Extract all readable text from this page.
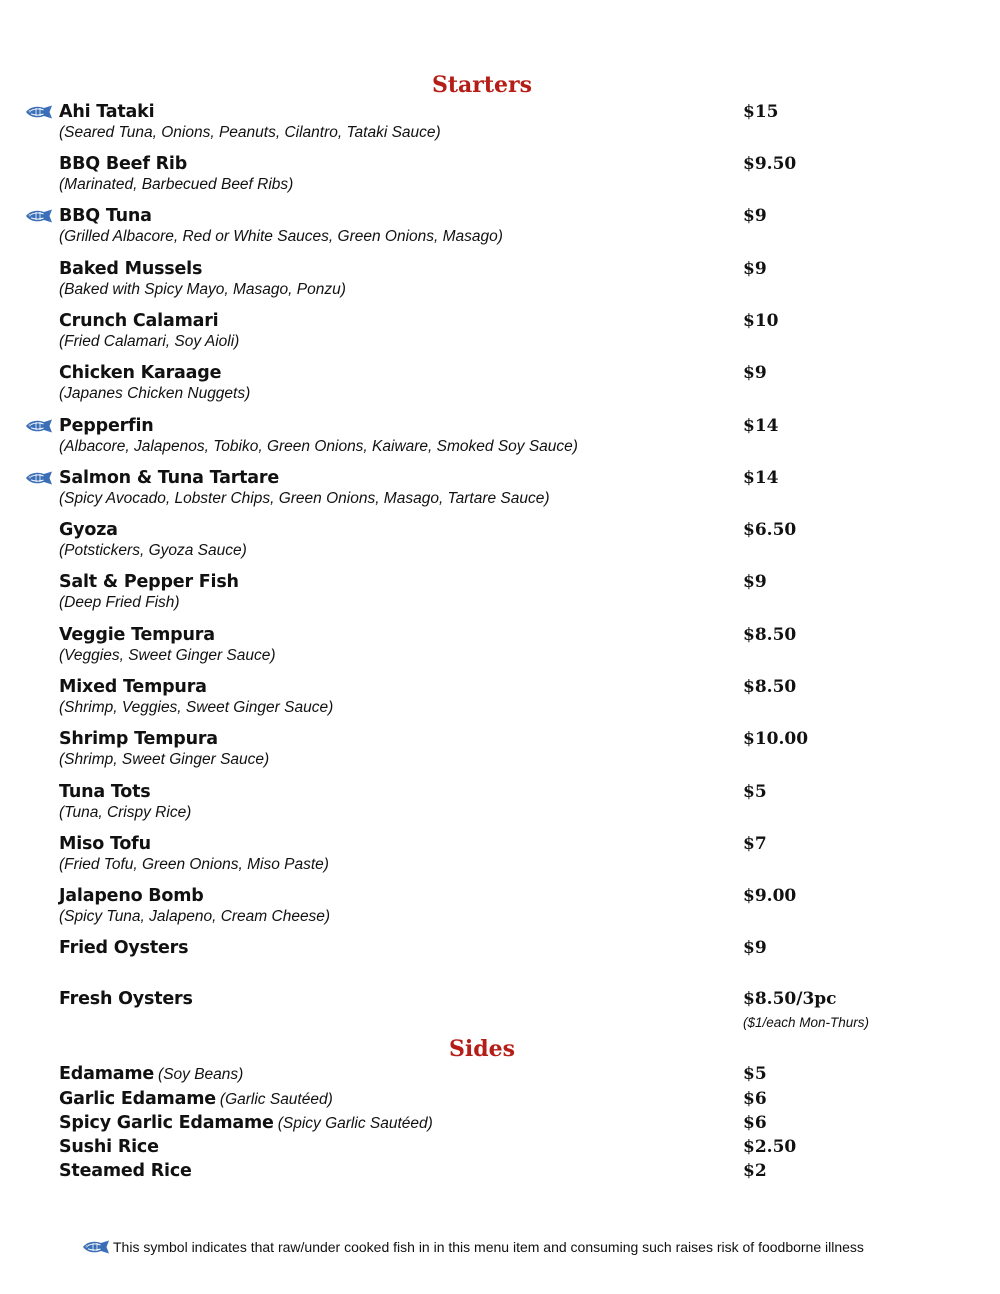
Starters
Ahi Tataki	$15
(Seared Tuna, Onions, Peanuts, Cilantro, Tataki Sauce)
BBQ Beef Rib	$9.50
(Marinated, Barbecued Beef Ribs)
BBQ Tuna	$9
(Grilled Albacore, Red or White Sauces, Green Onions, Masago)
Baked Mussels	$9
(Baked with Spicy Mayo, Masago, Ponzu)
Crunch Calamari	$10
(Fried Calamari, Soy Aioli)
Chicken Karaage	$9
(Japanes Chicken Nuggets)
Pepperfin	$14
(Albacore, Jalapenos, Tobiko, Green Onions, Kaiware, Smoked Soy Sauce)
Salmon & Tuna Tartare	$14
(Spicy Avocado, Lobster Chips, Green Onions, Masago, Tartare Sauce)
Gyoza	$6.50
(Potstickers, Gyoza Sauce)
Salt & Pepper Fish	$9
(Deep Fried Fish)
Veggie Tempura	$8.50
(Veggies, Sweet Ginger Sauce)
Mixed Tempura	$8.50
(Shrimp, Veggies, Sweet Ginger Sauce)
Shrimp Tempura	$10.00
(Shrimp, Sweet Ginger Sauce)
Tuna Tots	$5
(Tuna, Crispy Rice)
Miso Tofu	$7
(Fried Tofu, Green Onions, Miso Paste)
Jalapeno Bomb	$9.00
(Spicy Tuna, Jalapeno, Cream Cheese)
Fried Oysters	$9
Fresh Oysters	$8.50/3pc
($1/each Mon-Thurs)
Sides
Edamame (Soy Beans)	$5
Garlic Edamame (Garlic Sautéed)	$6
Spicy Garlic Edamame (Spicy Garlic Sautéed)	$6
Sushi Rice	$2.50
Steamed Rice	$2
This symbol indicates that raw/under cooked fish in in this menu item and consuming such raises risk of foodborne illness
